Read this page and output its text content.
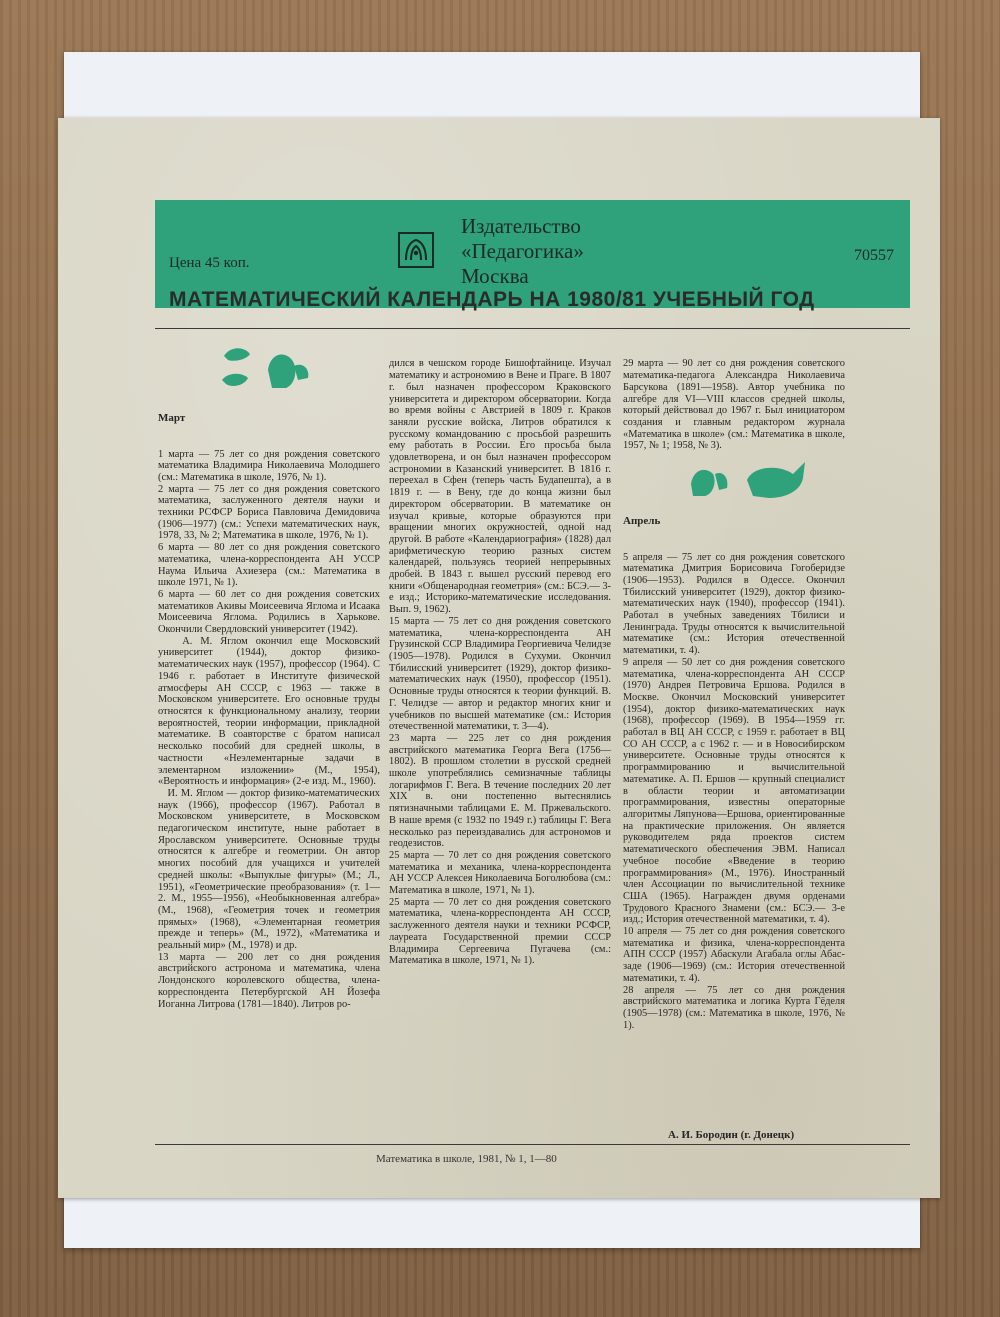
Цена 45 коп.
Издательство
«Педагогика»
Москва
70557
МАТЕМАТИЧЕСКИЙ КАЛЕНДАРЬ НА 1980/81 УЧЕБНЫЙ ГОД

Март

1 марта — 75 лет со дня рождения советского математика Владимира Николаевича Молодшего (см.: Математика в школе, 1976, № 1).
2 марта — 75 лет со дня рождения советского математика, заслуженного деятеля науки и техники РСФСР Бориса Павловича Демидовича (1906—1977) (см.: Успехи математических наук, 1978, 33, № 2; Математика в школе, 1976, № 1).
6 марта — 80 лет со дня рождения советского математика, члена-корреспондента АН УССР Наума Ильича Ахиезера (см.: Математика в школе 1971, № 1).
6 марта — 60 лет со дня рождения советских математиков Акивы Моисеевича Яглома и Исаака Моисеевича Яглома. Родились в Харькове. Окончили Свердловский университет (1942).
А. М. Яглом окончил еще Московский университет (1944), доктор физико-математических наук (1957), профессор (1964). С 1946 г. работает в Институте физической атмосферы АН СССР, с 1963 — также в Московском университете. Его основные труды относятся к функциональному анализу, теории вероятностей, теории информации, прикладной математике. В соавторстве с братом написал несколько пособий для средней школы, в частности «Неэлементарные задачи в элементарном изложении» (М., 1954), «Вероятность и информация» (2-е изд. М., 1960).
И. М. Яглом — доктор физико-математических наук (1966), профессор (1967). Работал в Московском университете, в Московском педагогическом институте, ныне работает в Ярославском университете. Основные труды относятся к алгебре и геометрии. Он автор многих пособий для учащихся и учителей средней школы: «Выпуклые фигуры» (М.; Л., 1951), «Геометрические преобразования» (т. 1—2. М., 1955—1956), «Необыкновенная алгебра» (М., 1968), «Геометрия точек и геометрия прямых» (1968), «Элементарная геометрия прежде и теперь» (М., 1972), «Математика и реальный мир» (М., 1978) и др.
13 марта — 200 лет со дня рождения австрийского астронома и математика, члена Лондонского королевского общества, члена-корреспондента Петербургской АН Йозефа Иоганна Литрова (1781—1840). Литров ро-

дился в чешском городе Бишофтайнице. Изучал математику и астрономию в Вене и Праге. В 1807 г. был назначен профессором Краковского университета и директором обсерватории. Когда во время войны с Австрией в 1809 г. Краков заняли русские войска, Литров обратился к русскому командованию с просьбой разрешить ему работать в России. Его просьба была удовлетворена, и он был назначен профессором астрономии в Казанский университет. В 1816 г. переехал в Сфен (теперь часть Будапешта), а в 1819 г. — в Вену, где до конца жизни был директором обсерватории. В математике он изучал кривые, которые образуются при вращении многих окружностей, одной над другой. В работе «Календариография» (1828) дал арифметическую теорию разных систем календарей, пользуясь теорией непрерывных дробей. В 1843 г. вышел русский перевод его книги «Общенародная геометрия» (см.: БСЭ.— 3-е изд.; Историко-математические исследования. Вып. 9, 1962).
15 марта — 75 лет со дня рождения советского математика, члена-корреспондента АН Грузинской ССР Владимира Георгиевича Челидзе (1905—1978). Родился в Сухуми. Окончил Тбилисский университет (1929), доктор физико-математических наук (1950), профессор (1951). Основные труды относятся к теории функций. В. Г. Челидзе — автор и редактор многих книг и учебников по высшей математике (см.: История отечественной математики, т. 3—4).
23 марта — 225 лет со дня рождения австрийского математика Георга Вега (1756—1802). В прошлом столетии в русской средней школе употреблялись семизначные таблицы логарифмов Г. Вега. В течение последних 20 лет XIX в. они постепенно вытеснялись пятизначными таблицами Е. М. Пржевальского. В наше время (с 1932 по 1949 г.) таблицы Г. Вега несколько раз переиздавались для астрономов и геодезистов.
25 марта — 70 лет со дня рождения советского математика и механика, члена-корреспондента АН УССР Алексея Николаевича Боголюбова (см.: Математика в школе, 1971, № 1).
25 марта — 70 лет со дня рождения советского математика, члена-корреспондента АН СССР, заслуженного деятеля науки и техники РСФСР, лауреата Государственной премии СССР Владимира Сергеевича Пугачева (см.: Математика в школе, 1971, № 1).

29 марта — 90 лет со дня рождения советского математика-педагога Александра Николаевича Барсукова (1891—1958). Автор учебника по алгебре для VI—VIII классов средней школы, который действовал до 1967 г. Был инициатором создания и главным редактором журнала «Математика в школе» (см.: Математика в школе, 1957, № 1; 1958, № 3).

Апрель

5 апреля — 75 лет со дня рождения советского математика Дмитрия Борисовича Гогоберидзе (1906—1953). Родился в Одессе. Окончил Тбилисский университет (1929), доктор физико-математических наук (1940), профессор (1941). Работал в учебных заведениях Тбилиси и Ленинграда. Труды относятся к вычислительной математике (см.: История отечественной математики, т. 4).
9 апреля — 50 лет со дня рождения советского математика, члена-корреспондента АН СССР (1970) Андрея Петровича Ершова. Родился в Москве. Окончил Московский университет (1954), доктор физико-математических наук (1968), профессор (1969). В 1954—1959 гг. работал в ВЦ АН СССР, с 1959 г. работает в ВЦ СО АН СССР, а с 1962 г. — и в Новосибирском университете. Основные труды относятся к программированию и вычислительной математике. А. П. Ершов — крупный специалист в области теории и автоматизации программирования, известны операторные алгоритмы Ляпунова—Ершова, ориентированные на практические приложения. Он является руководителем ряда проектов систем математического обеспечения ЭВМ. Написал учебное пособие «Введение в теорию программирования» (М., 1976). Иностранный член Ассоциации по вычислительной технике США (1965). Награжден двумя орденами Трудового Красного Знамени (см.: БСЭ.— 3-е изд.; История отечественной математики, т. 4).
10 апреля — 75 лет со дня рождения советского математика и физика, члена-корреспондента АПН СССР (1957) Абаскули Агабала оглы Абас-заде (1906—1969) (см.: История отечественной математики, т. 4).
28 апреля — 75 лет со дня рождения австрийского математика и логика Курта Гёделя (1905—1978) (см.: Математика в школе, 1976, № 1).

А. И. Бородин (г. Донецк)
Математика в школе, 1981, № 1, 1—80
